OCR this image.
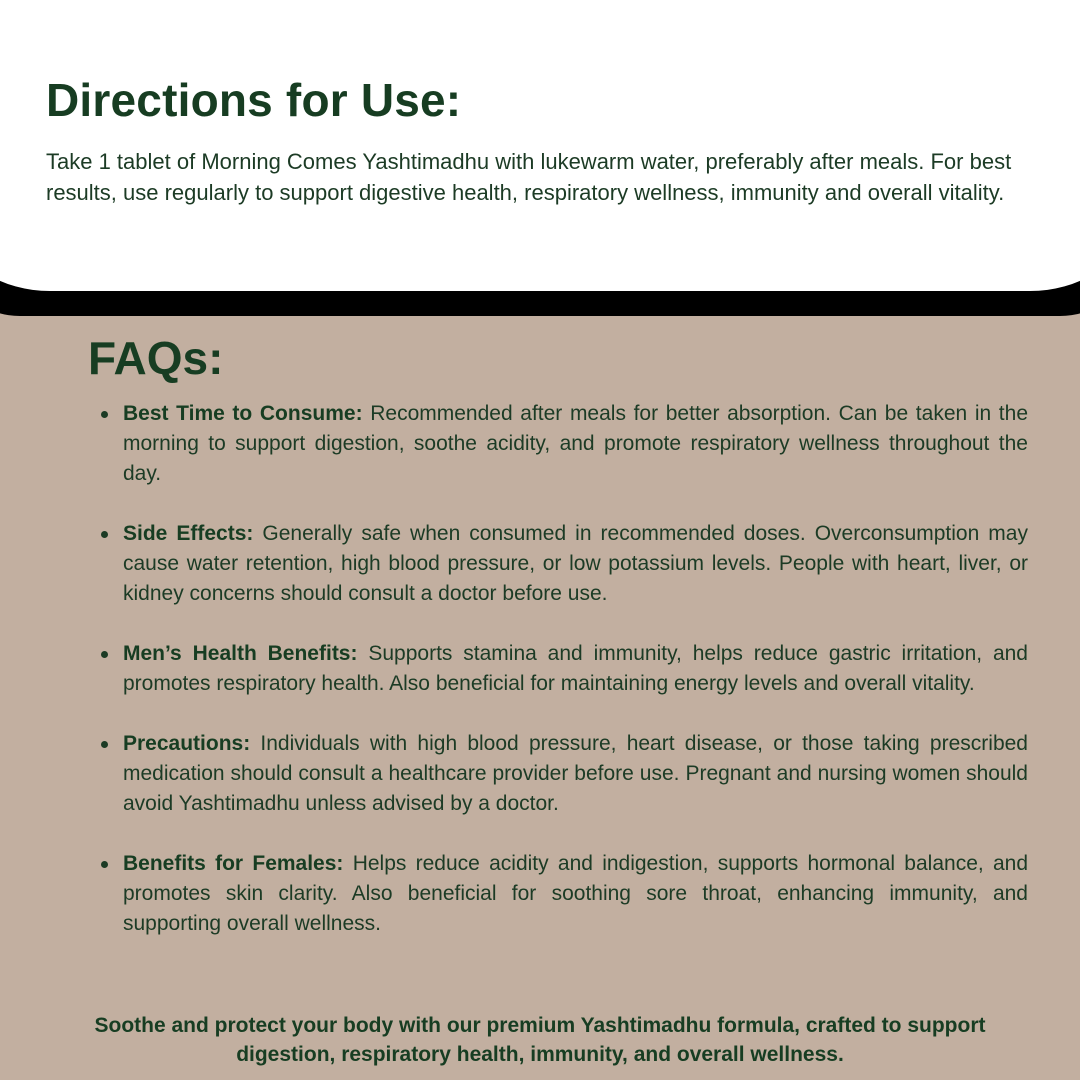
Directions for Use:

Take 1 tablet of Morning Comes Yashtimadhu with lukewarm water, preferably after meals. For best results, use regularly to support digestive health, respiratory wellness, immunity and overall vitality.

FAQs:
Best Time to Consume: Recommended after meals for better absorption. Can be taken in the morning to support digestion, soothe acidity, and promote respiratory wellness throughout the day.
Side Effects: Generally safe when consumed in recommended doses. Overconsumption may cause water retention, high blood pressure, or low potassium levels. People with heart, liver, or kidney concerns should consult a doctor before use.
Men’s Health Benefits: Supports stamina and immunity, helps reduce gastric irritation, and promotes respiratory health. Also beneficial for maintaining energy levels and overall vitality.
Precautions: Individuals with high blood pressure, heart disease, or those taking prescribed medication should consult a healthcare provider before use. Pregnant and nursing women should avoid Yashtimadhu unless advised by a doctor.
Benefits for Females: Helps reduce acidity and indigestion, supports hormonal balance, and promotes skin clarity. Also beneficial for soothing sore throat, enhancing immunity, and supporting overall wellness.

Soothe and protect your body with our premium Yashtimadhu formula, crafted to support digestion, respiratory health, immunity, and overall wellness.
